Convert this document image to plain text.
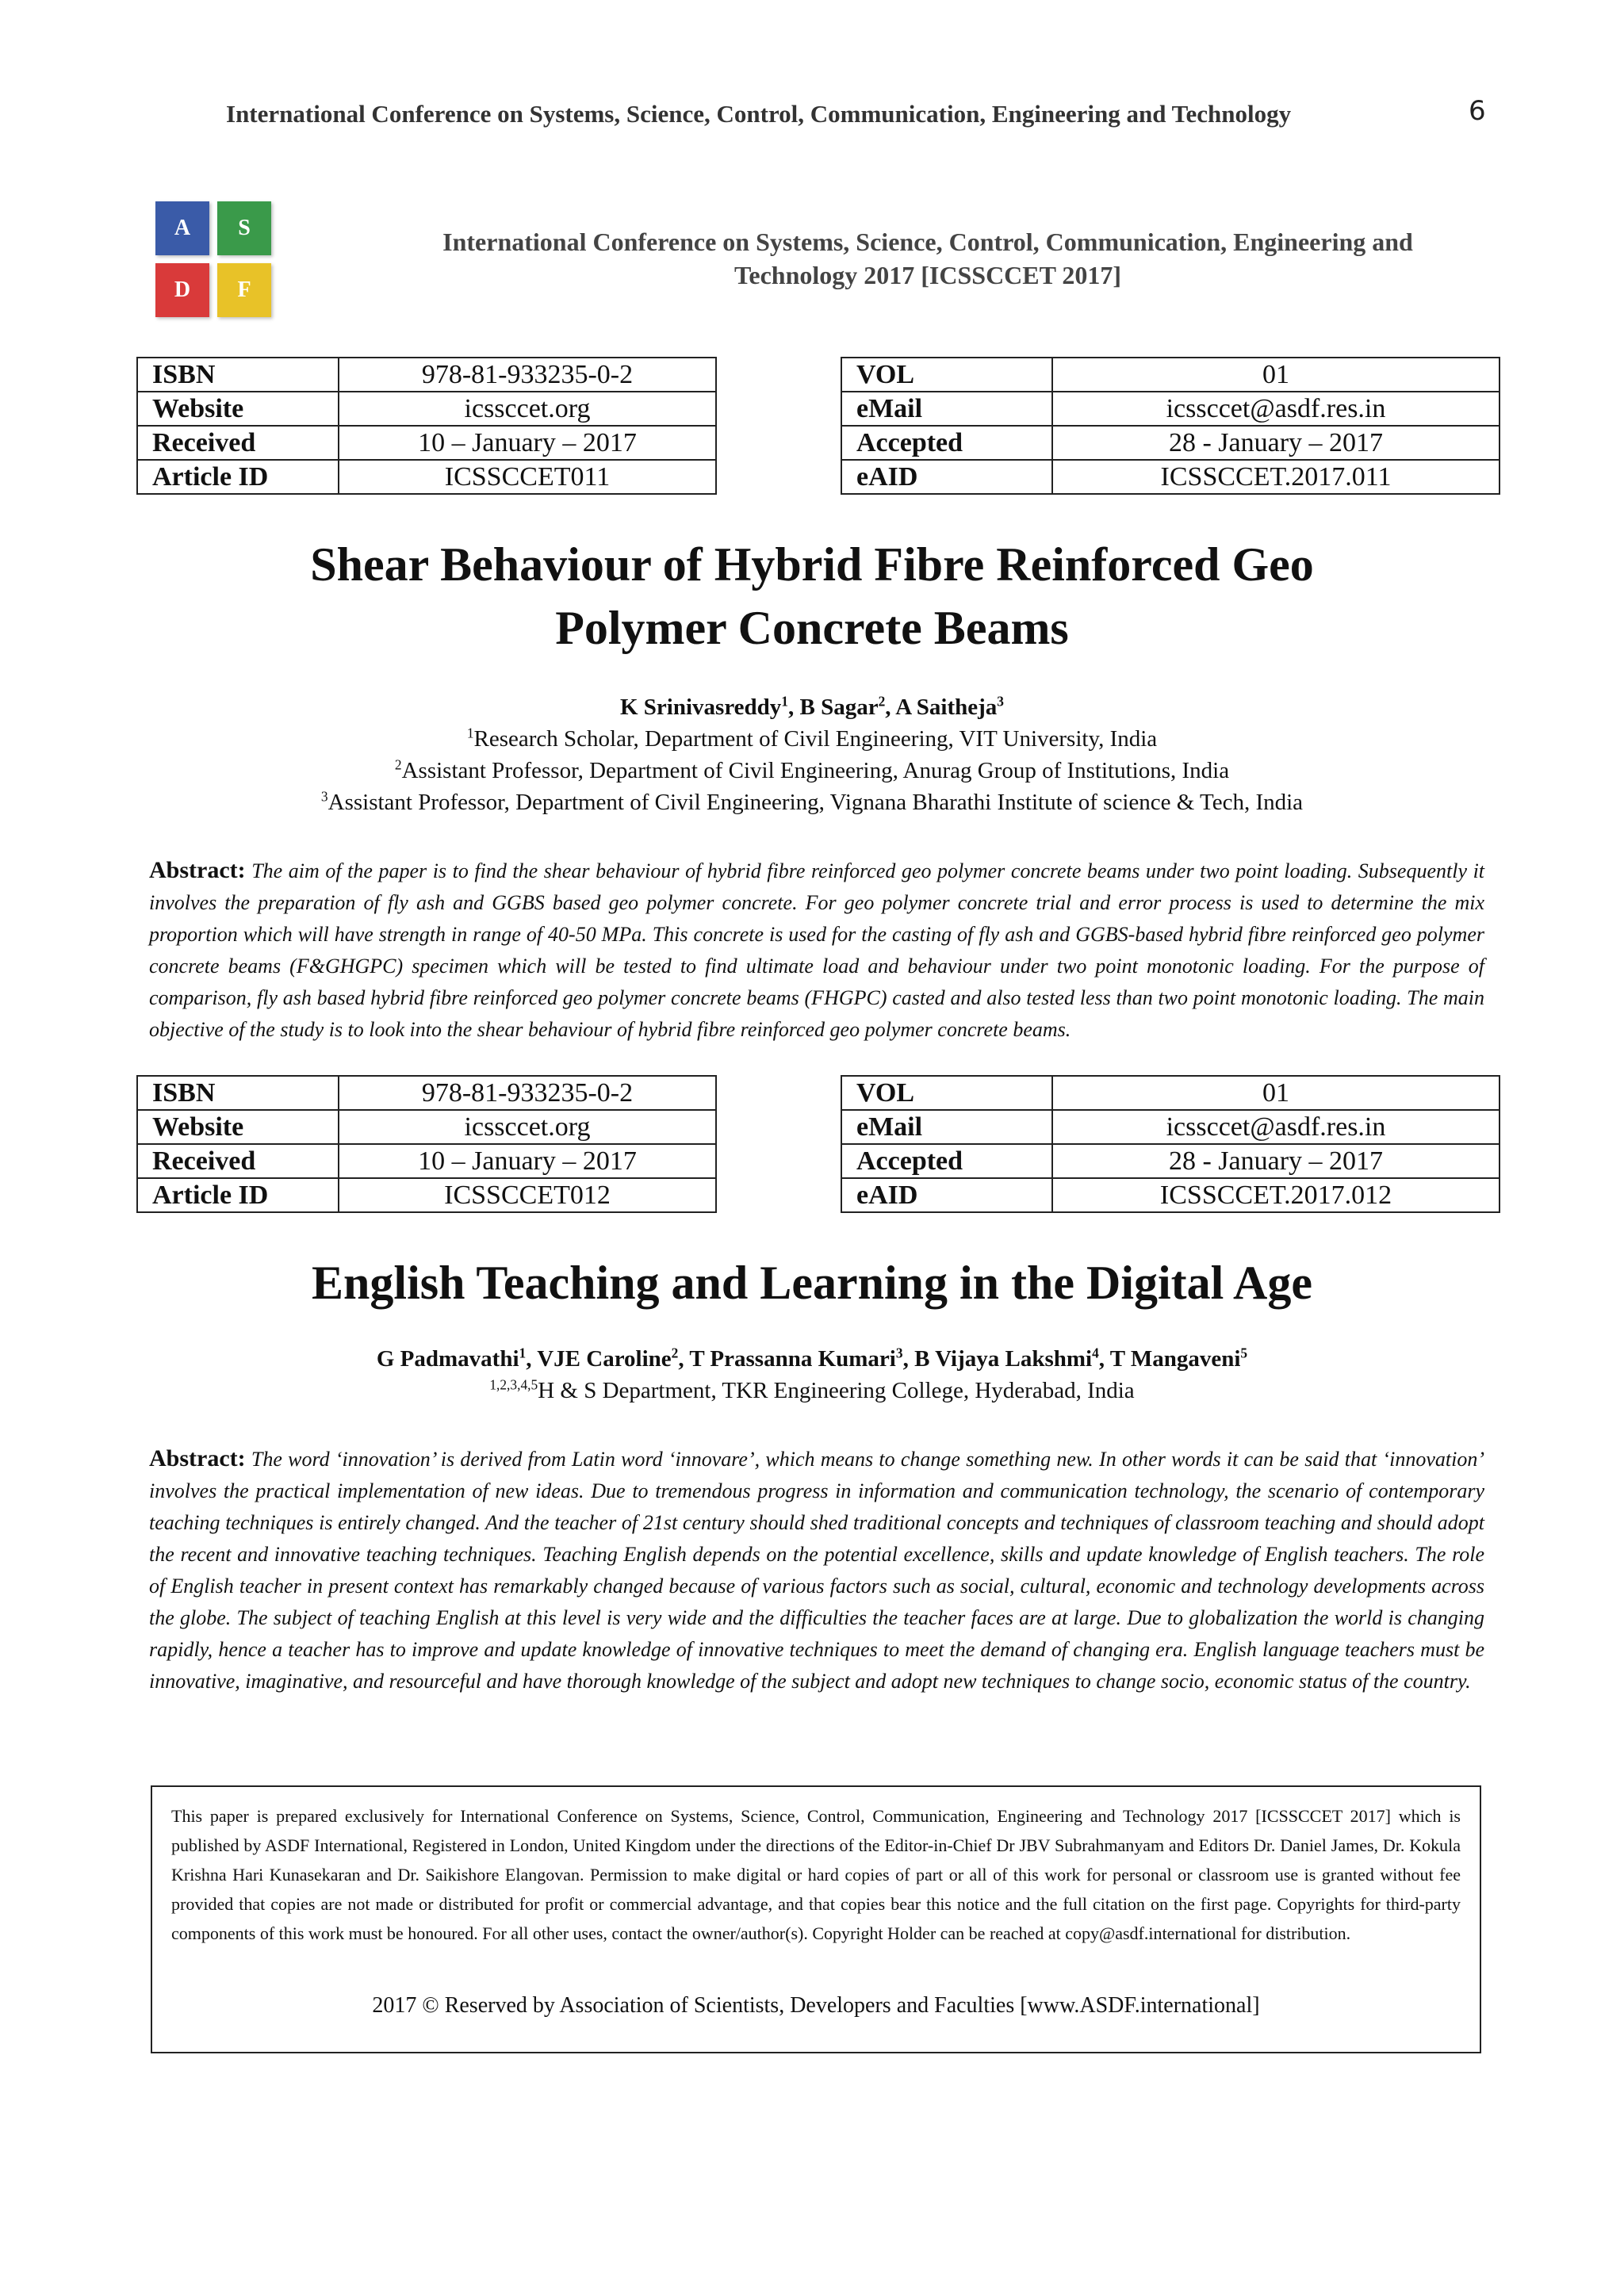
International Conference on Systems, Science, Control, Communication, Engineering and Technology	6
A	S
D	F
International Conference on Systems, Science, Control, Communication, Engineering and
Technology 2017 [ICSSCCET 2017]
ISBN	978-81-933235-0-2
Website	icssccet.org
Received	10 – January – 2017
Article ID	ICSSCCET011
VOL	01
eMail	icssccet@asdf.res.in
Accepted	28 - January – 2017
eAID	ICSSCCET.2017.011
Shear Behaviour of Hybrid Fibre Reinforced Geo
Polymer Concrete Beams
K Srinivasreddy$^1$, B Sagar$^2$, A Saitheja$^3$
$^1$Research Scholar, Department of Civil Engineering, VIT University, India
$^2$Assistant Professor, Department of Civil Engineering, Anurag Group of Institutions, India
$^3$Assistant Professor, Department of Civil Engineering, Vignana Bharathi Institute of science & Tech, India
Abstract: The aim of the paper is to find the shear behaviour of hybrid fibre reinforced geo polymer concrete beams under two point loading. Subsequently it involves the preparation of fly ash and GGBS based geo polymer concrete. For geo polymer concrete trial and error process is used to determine the mix proportion which will have strength in range of 40-50 MPa. This concrete is used for the casting of fly ash and GGBS-based hybrid fibre reinforced geo polymer concrete beams (F&GHGPC) specimen which will be tested to find ultimate load and behaviour under two point monotonic loading. For the purpose of comparison, fly ash based hybrid fibre reinforced geo polymer concrete beams (FHGPC) casted and also tested less than two point monotonic loading. The main objective of the study is to look into the shear behaviour of hybrid fibre reinforced geo polymer concrete beams.
ISBN	978-81-933235-0-2
Website	icssccet.org
Received	10 – January – 2017
Article ID	ICSSCCET012
VOL	01
eMail	icssccet@asdf.res.in
Accepted	28 - January – 2017
eAID	ICSSCCET.2017.012
English Teaching and Learning in the Digital Age
G Padmavathi$^1$, VJE Caroline$^2$, T Prassanna Kumari$^3$, B Vijaya Lakshmi$^4$, T Mangaveni$^5$
$^{1,2,3,4,5}$H & S Department, TKR Engineering College, Hyderabad, India
Abstract: The word ‘innovation’ is derived from Latin word ‘innovare’, which means to change something new. In other words it can be said that ‘innovation’ involves the practical implementation of new ideas. Due to tremendous progress in information and communication technology, the scenario of contemporary teaching techniques is entirely changed. And the teacher of 21st century should shed traditional concepts and techniques of classroom teaching and should adopt the recent and innovative teaching techniques. Teaching English depends on the potential excellence, skills and update knowledge of English teachers. The role of English teacher in present context has remarkably changed because of various factors such as social, cultural, economic and technology developments across the globe. The subject of teaching English at this level is very wide and the difficulties the teacher faces are at large. Due to globalization the world is changing rapidly, hence a teacher has to improve and update knowledge of innovative techniques to meet the demand of changing era. English language teachers must be innovative, imaginative, and resourceful and have thorough knowledge of the subject and adopt new techniques to change socio, economic status of the country.
This paper is prepared exclusively for International Conference on Systems, Science, Control, Communication, Engineering and Technology 2017 [ICSSCCET 2017] which is published by ASDF International, Registered in London, United Kingdom under the directions of the Editor-in-Chief Dr JBV Subrahmanyam and Editors Dr. Daniel James, Dr. Kokula Krishna Hari Kunasekaran and Dr. Saikishore Elangovan. Permission to make digital or hard copies of part or all of this work for personal or classroom use is granted without fee provided that copies are not made or distributed for profit or commercial advantage, and that copies bear this notice and the full citation on the first page. Copyrights for third-party components of this work must be honoured. For all other uses, contact the owner/author(s). Copyright Holder can be reached at copy@asdf.international for distribution.
2017 © Reserved by Association of Scientists, Developers and Faculties [www.ASDF.international]
